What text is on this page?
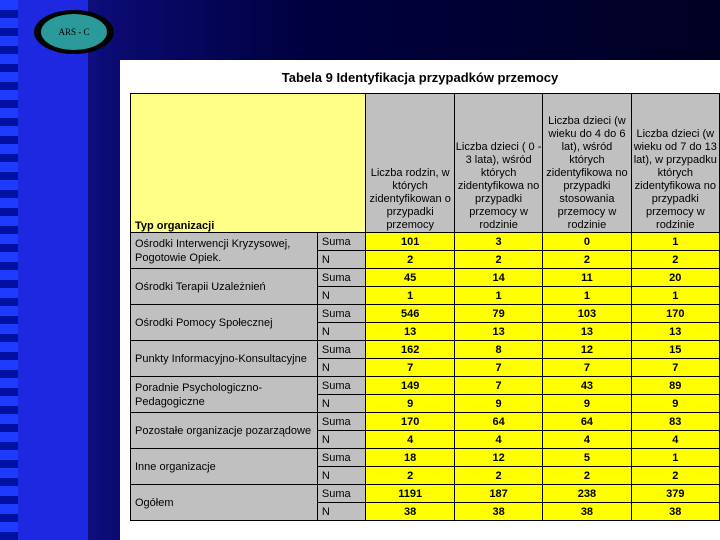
ARS - C
Tabela 9 Identyfikacja przypadków przemocy
Typ organizacji		Liczba rodzin, w których zidentyfikowan o przypadki przemocy	Liczba dzieci ( 0 - 3 lata), wśród których zidentyfikowa no przypadki przemocy w rodzinie	Liczba dzieci (w wieku do 4 do 6 lat), wśród których zidentyfikowa no przypadki stosowania przemocy w rodzinie	Liczba dzieci (w wieku od 7 do 13 lat), w przypadku których zidentyfikowa no przypadki przemocy w rodzinie
Ośrodki Interwencji Kryzysowej, Pogotowie Opiek.	Suma	101	3	0	1
	N	2	2	2	2
Ośrodki Terapii Uzależnień	Suma	45	14	11	20
	N	1	1	1	1
Ośrodki Pomocy Społecznej	Suma	546	79	103	170
	N	13	13	13	13
Punkty Informacyjno-Konsultacyjne	Suma	162	8	12	15
	N	7	7	7	7
Poradnie Psychologiczno-Pedagogiczne	Suma	149	7	43	89
	N	9	9	9	9
Pozostałe organizacje pozarządowe	Suma	170	64	64	83
	N	4	4	4	4
Inne organizacje	Suma	18	12	5	1
	N	2	2	2	2
Ogółem	Suma	1191	187	238	379
	N	38	38	38	38
